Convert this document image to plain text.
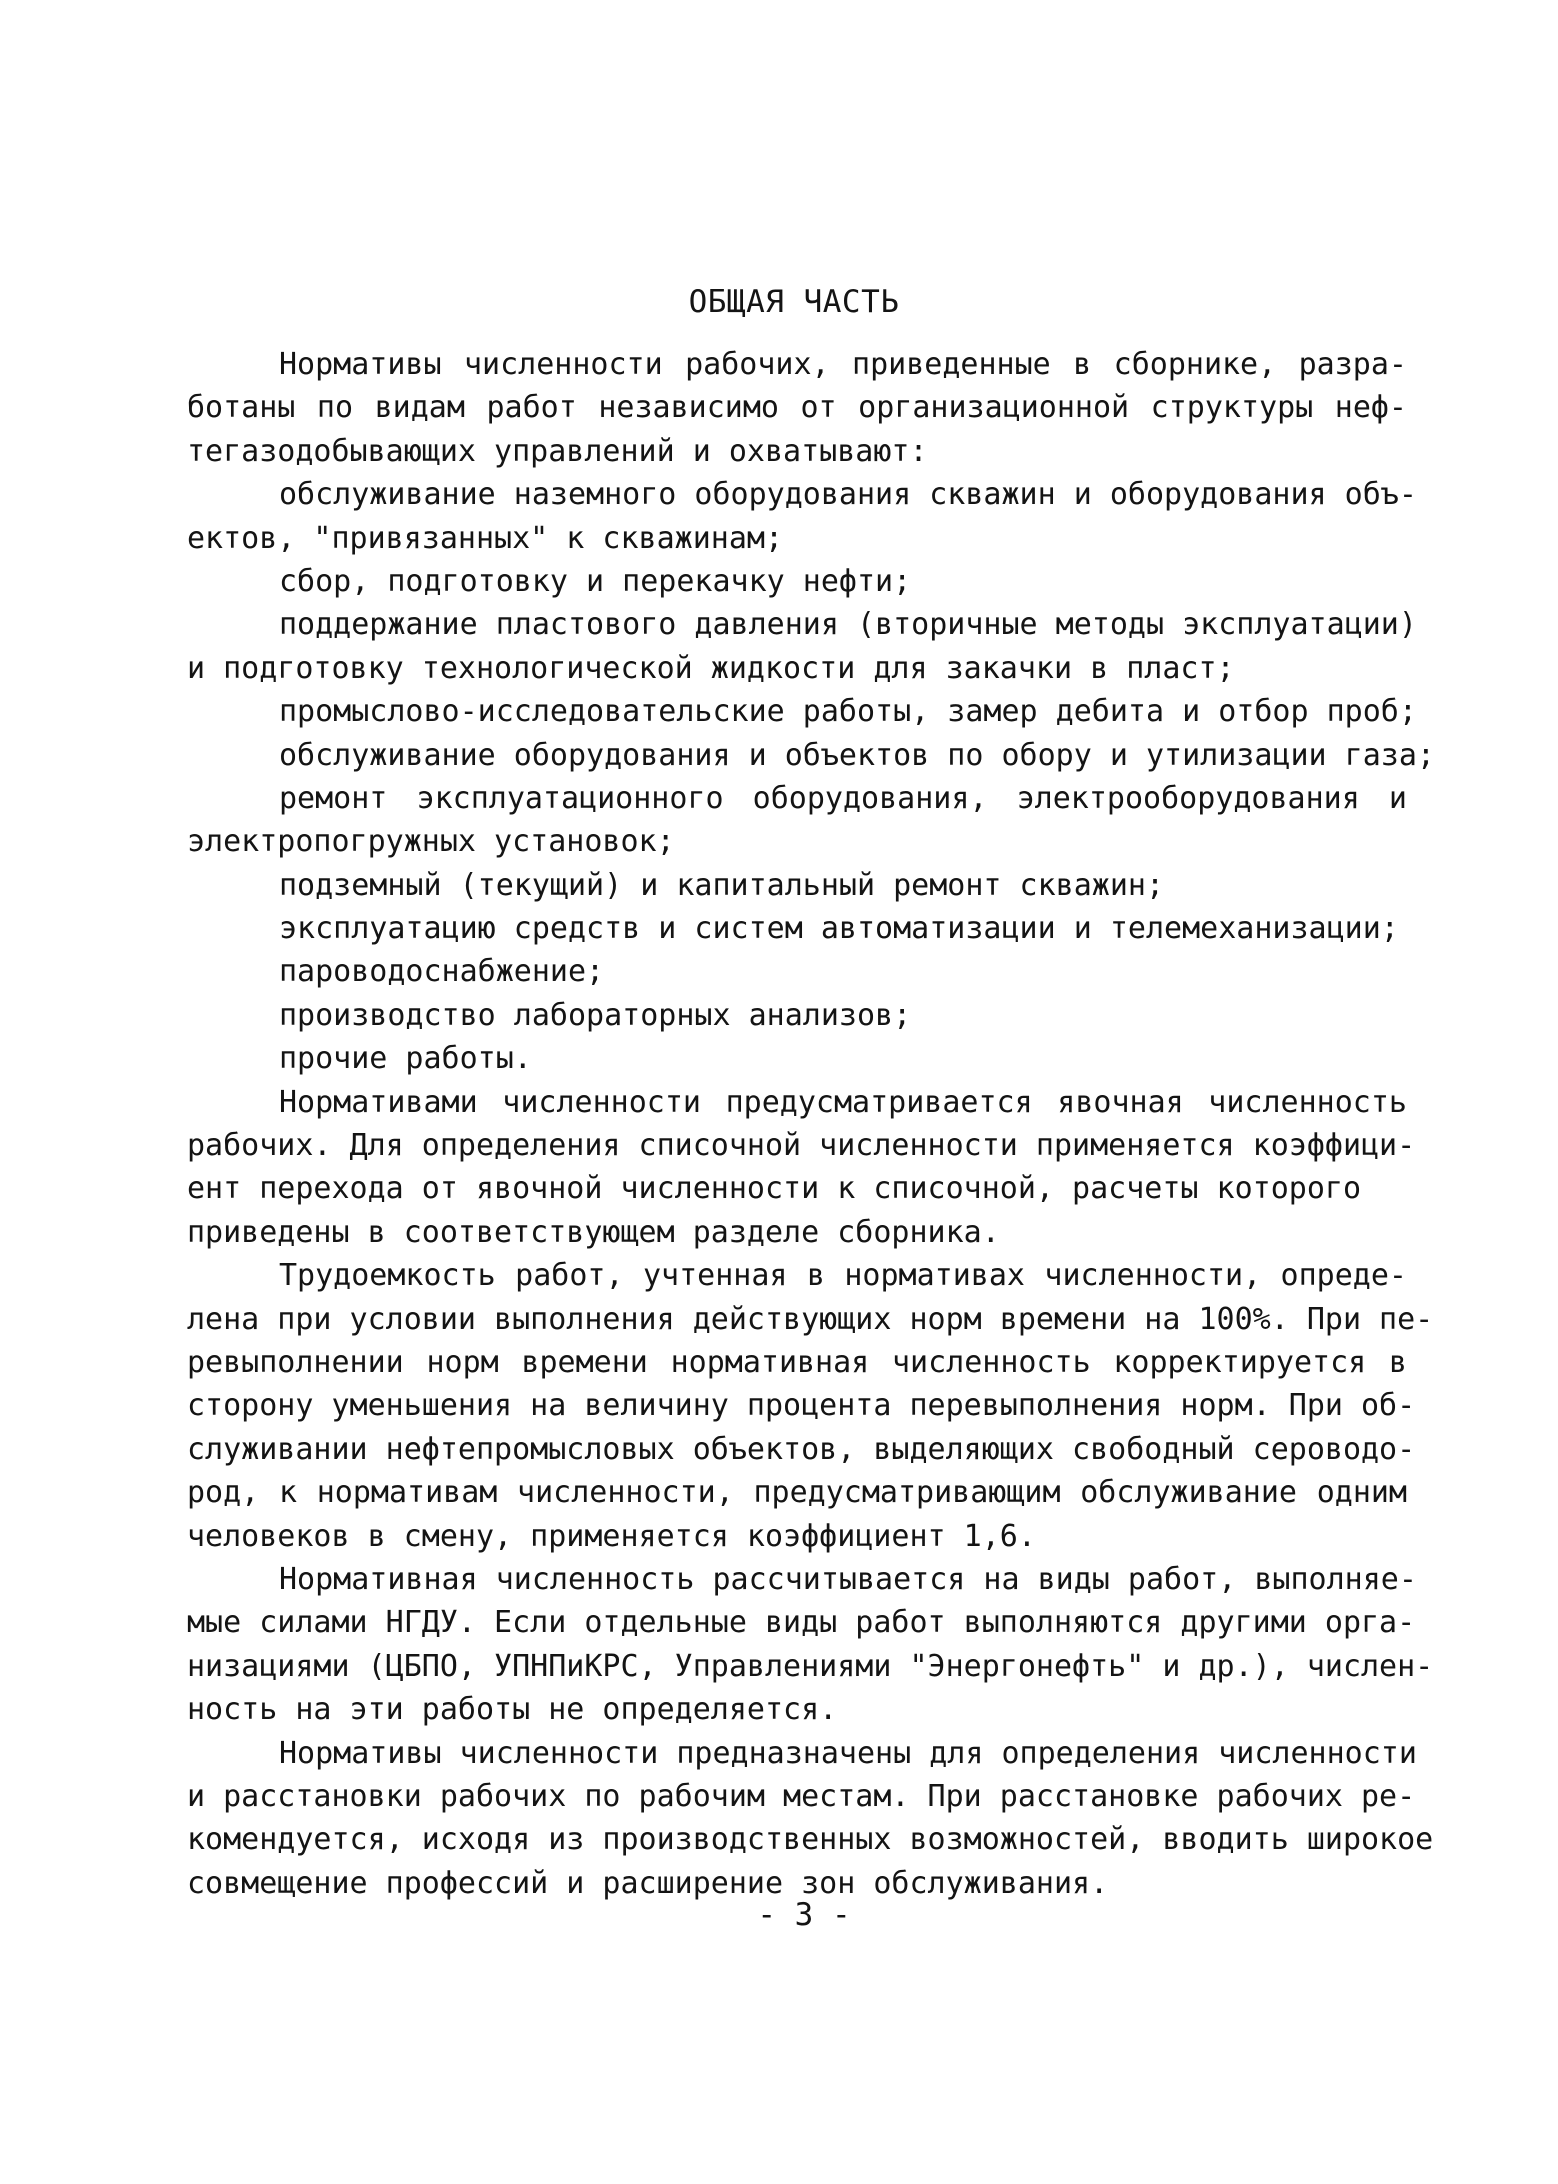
ОБЩАЯ ЧАСТЬ
Нормативы численности рабочих, приведенные в сборнике, разра-
ботаны по видам работ независимо от организационной структуры неф-
тегазодобывающих управлений и охватывают:
обслуживание наземного оборудования скважин и оборудования объ-
ектов, "привязанных" к скважинам;
сбор, подготовку и перекачку нефти;
поддержание пластового давления (вторичные методы эксплуатации)
и подготовку технологической жидкости для закачки в пласт;
промыслово-исследовательские работы, замер дебита и отбор проб;
обслуживание оборудования и объектов по обору и утилизации газа;
ремонт эксплуатационного оборудования, электрооборудования и
электропогружных установок;
подземный (текущий) и капитальный ремонт скважин;
эксплуатацию средств и систем автоматизации и телемеханизации;
пароводоснабжение;
производство лабораторных анализов;
прочие работы.
Нормативами численности предусматривается явочная численность
рабочих. Для определения списочной численности применяется коэффици-
ент перехода от явочной численности к списочной, расчеты которого
приведены в соответствующем разделе сборника.
Трудоемкость работ, учтенная в нормативах численности, опреде-
лена при условии выполнения действующих норм времени на 100%. При пе-
ревыполнении норм времени нормативная численность корректируется в
сторону уменьшения на величину процента перевыполнения норм. При об-
служивании нефтепромысловых объектов, выделяющих свободный сероводо-
род, к нормативам численности, предусматривающим обслуживание одним
человеков в смену, применяется коэффициент 1,6.
Нормативная численность рассчитывается на виды работ, выполняе-
мые силами НГДУ. Если отдельные виды работ выполняются другими орга-
низациями (ЦБПО, УПНПиКРС, Управлениями "Энергонефть" и др.), числен-
ность на эти работы не определяется.
Нормативы численности предназначены для определения численности
и расстановки рабочих по рабочим местам. При расстановке рабочих ре-
комендуется, исходя из производственных возможностей, вводить широкое
совмещение профессий и расширение зон обслуживания.
- 3 -
